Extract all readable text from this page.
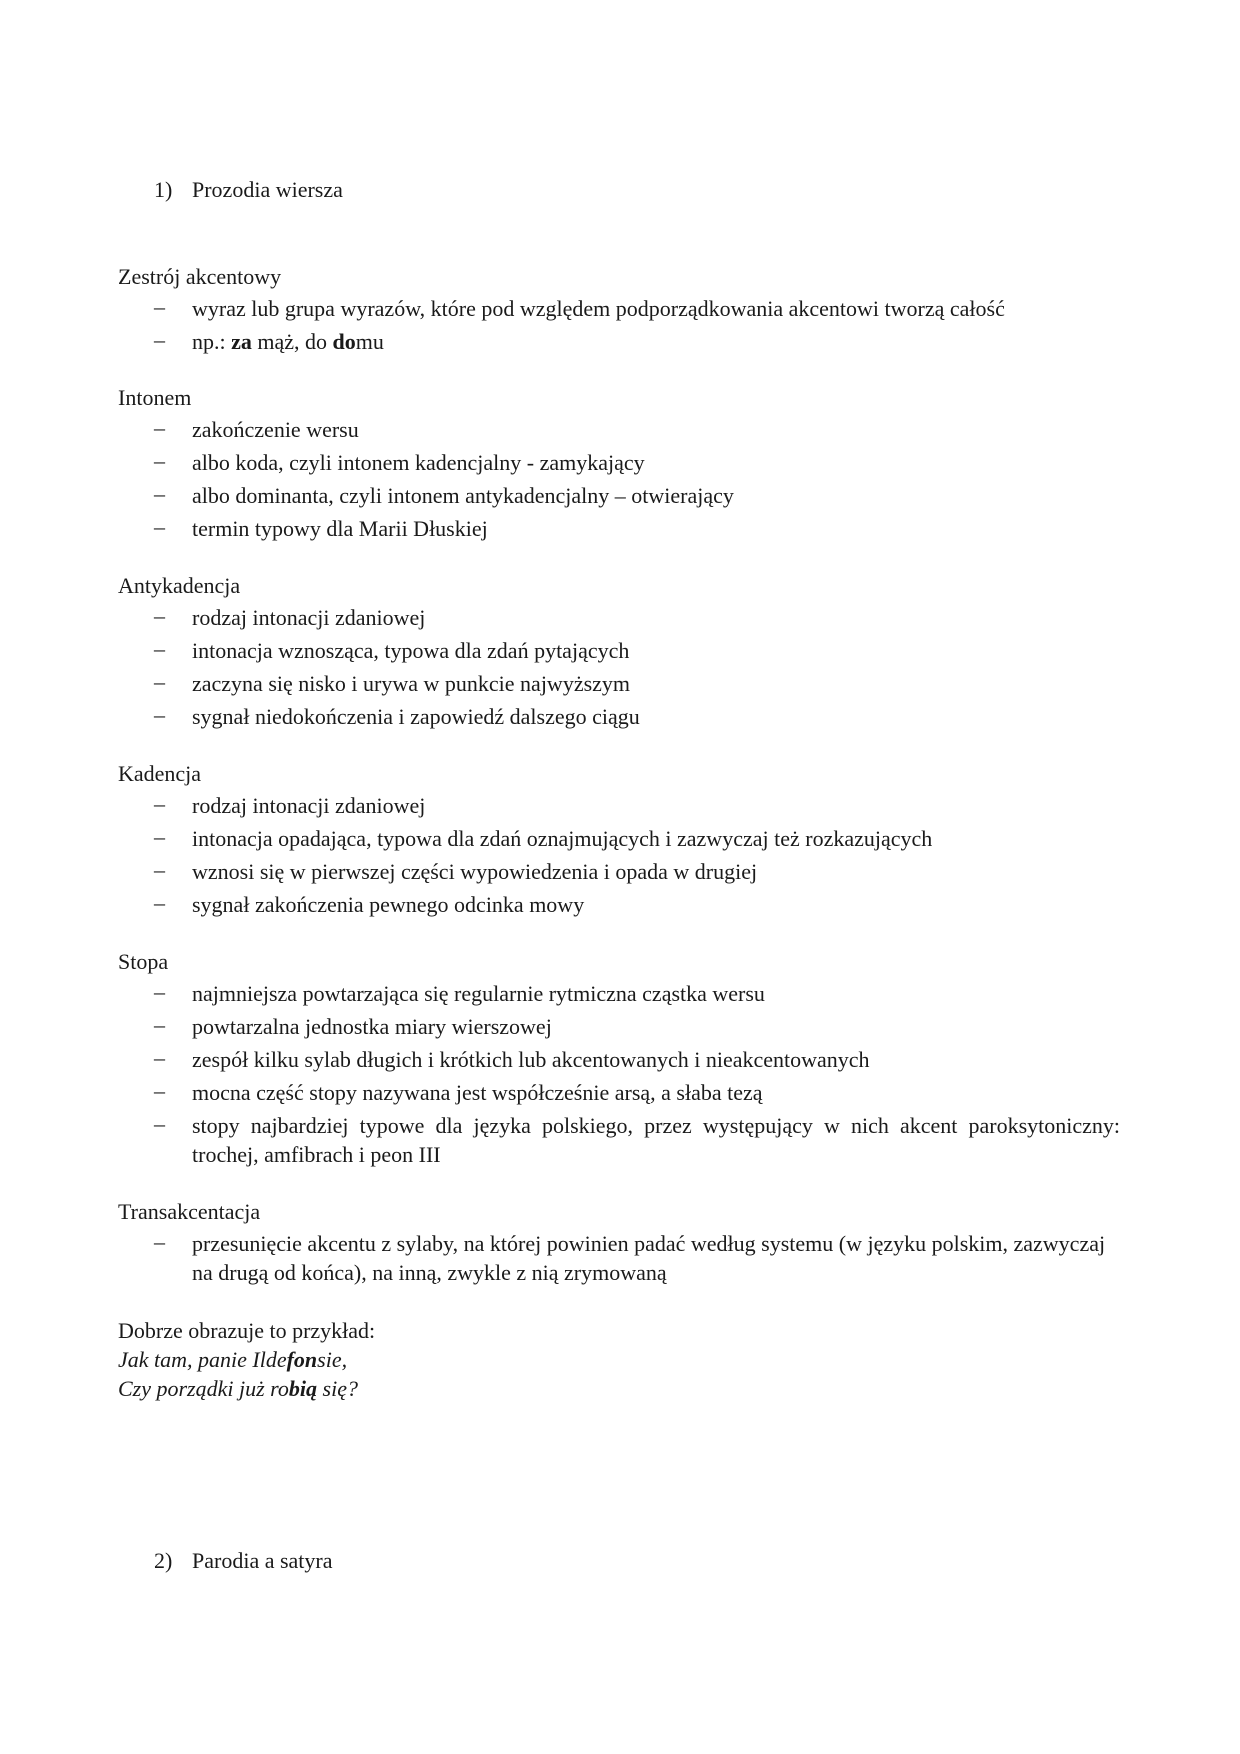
1) Prozodia wiersza
Zestrój akcentowy
– wyraz lub grupa wyrazów, które pod względem podporządkowania akcentowi tworzą całość
– np.: za mąż, do domu
Intonem
– zakończenie wersu
– albo koda, czyli intonem kadencjalny - zamykający
– albo dominanta, czyli intonem antykadencjalny – otwierający
– termin typowy dla Marii Dłuskiej
Antykadencja
– rodzaj intonacji zdaniowej
– intonacja wznosząca, typowa dla zdań pytających
– zaczyna się nisko i urywa w punkcie najwyższym
– sygnał niedokończenia i zapowiedź dalszego ciągu
Kadencja
– rodzaj intonacji zdaniowej
– intonacja opadająca, typowa dla zdań oznajmujących i zazwyczaj też rozkazujących
– wznosi się w pierwszej części wypowiedzenia i opada w drugiej
– sygnał zakończenia pewnego odcinka mowy
Stopa
– najmniejsza powtarzająca się regularnie rytmiczna cząstka wersu
– powtarzalna jednostka miary wierszowej
– zespół kilku sylab długich i krótkich lub akcentowanych i nieakcentowanych
– mocna część stopy nazywana jest współcześnie arsą, a słaba tezą
– stopy najbardziej typowe dla języka polskiego, przez występujący w nich akcent paroksytoniczny: trochej, amfibrach i peon III
Transakcentacja
– przesunięcie akcentu z sylaby, na której powinien padać według systemu (w języku polskim, zazwyczaj na drugą od końca), na inną, zwykle z nią zrymowaną
Dobrze obrazuje to przykład:
Jak tam, panie Ildefonsie,
Czy porządki już robią się?
2) Parodia a satyra
